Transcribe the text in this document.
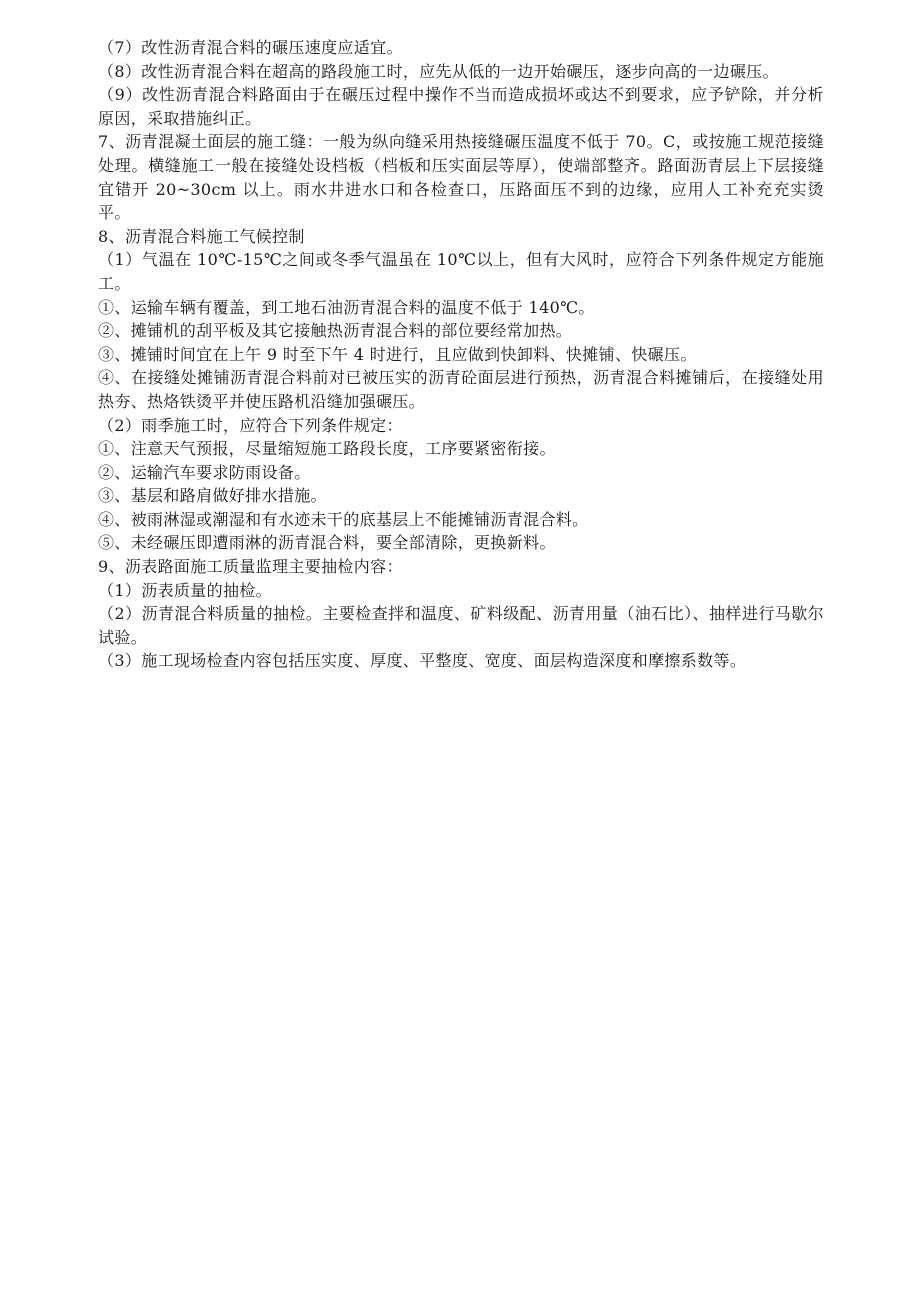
（7）改性沥青混合料的碾压速度应适宜。

（8）改性沥青混合料在超高的路段施工时，应先从低的一边开始碾压，逐步向高的一边碾压。

（9）改性沥青混合料路面由于在碾压过程中操作不当而造成损坏或达不到要求，应予铲除，并分析原因，采取措施纠正。

7、沥青混凝土面层的施工缝：一般为纵向缝采用热接缝碾压温度不低于 70。C，或按施工规范接缝处理。横缝施工一般在接缝处设档板（档板和压实面层等厚），使端部整齐。路面沥青层上下层接缝宜错开 20~30cm 以上。雨水井进水口和各检查口，压路面压不到的边缘，应用人工补充充实烫平。

8、沥青混合料施工气候控制

（1）气温在 10℃-15℃之间或冬季气温虽在 10℃以上，但有大风时，应符合下列条件规定方能施工。

①、运输车辆有覆盖，到工地石油沥青混合料的温度不低于 140℃。

②、摊铺机的刮平板及其它接触热沥青混合料的部位要经常加热。

③、摊铺时间宜在上午 9 时至下午 4 时进行，且应做到快卸料、快摊铺、快碾压。

④、在接缝处摊铺沥青混合料前对已被压实的沥青砼面层进行预热，沥青混合料摊铺后，在接缝处用热夯、热烙铁烫平并使压路机沿缝加强碾压。

（2）雨季施工时，应符合下列条件规定：

①、注意天气预报，尽量缩短施工路段长度，工序要紧密衔接。

②、运输汽车要求防雨设备。

③、基层和路肩做好排水措施。

④、被雨淋湿或潮湿和有水迹未干的底基层上不能摊铺沥青混合料。

⑤、未经碾压即遭雨淋的沥青混合料，要全部清除，更换新料。

9、沥表路面施工质量监理主要抽检内容：

（1）沥表质量的抽检。

（2）沥青混合料质量的抽检。主要检查拌和温度、矿料级配、沥青用量（油石比）、抽样进行马歇尔试验。

（3）施工现场检查内容包括压实度、厚度、平整度、宽度、面层构造深度和摩擦系数等。
